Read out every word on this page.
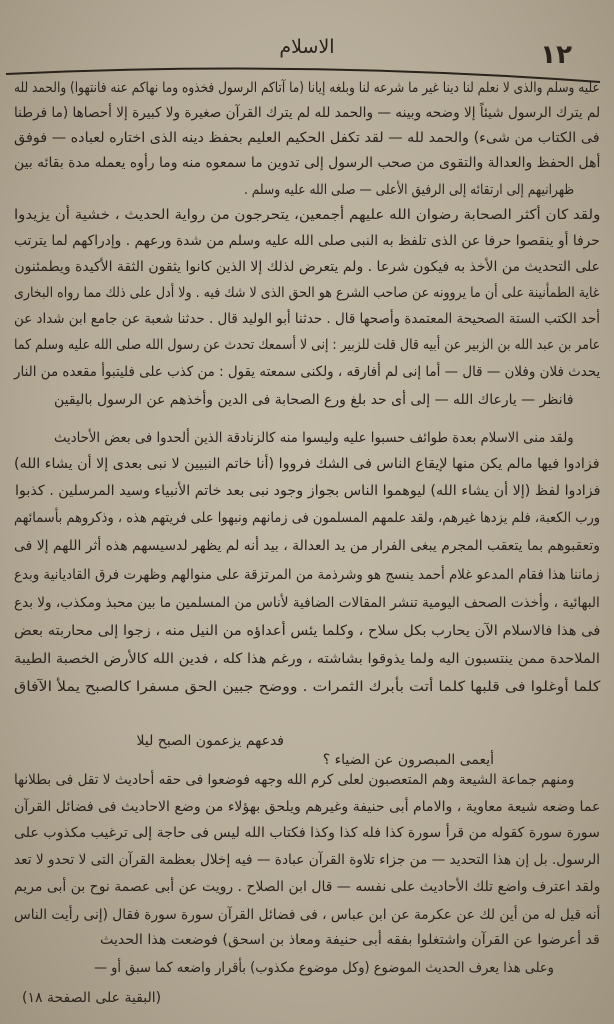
الاسلام	١٢
عليه وسلم والذى لا نعلم لنا دينا غير ما شرعه لنا وبلغه إيانا (ما آتاكم الرسول فخذوه وما نهاكم عنه فانتهوا) والحمد لله
لم يترك الرسول شيئاً إلا وضحه وبينه — والحمد لله لم يترك القرآن صغيرة ولا كبيرة إلا أحصاها (ما فرطنا
فى الكتاب من شىء) والحمد لله — لقد تكفل الحكيم العليم بحفظ دينه الذى اختاره لعباده — فوفق
أهل الحفظ والعدالة والتقوى من صحب الرسول إلى تدوين ما سمعوه منه وما رأوه يعمله مدة بقائه بين
ظهرانيهم إلى ارتقائه إلى الرفيق الأعلى — صلى الله عليه وسلم .
ولقد كان أكثر الصحابة رضوان الله عليهم أجمعين، يتحرجون من رواية الحديث ، خشية أن يزيدوا
حرفا أو ينقصوا حرفا عن الذى تلفظ به النبى صلى الله عليه وسلم من شدة ورعهم . وإدراكهم لما يترتب
على التحديث من الأخذ به فيكون شرعا . ولم يتعرض لذلك إلا الذين كانوا يثقون الثقة الأكيدة ويطمئنون
غاية الطمأنينة على أن ما يروونه عن صاحب الشرع هو الحق الذى لا شك فيه . ولا أدل على ذلك مما رواه البخارى
أحد الكتب الستة الصحيحة المعتمدة وأصحها قال . حدثنا أبو الوليد قال . حدثنا شعبة عن جامع ابن شداد عن
عامر بن عبد الله بن الزبير عن أبيه قال قلت للزبير : إنى لا أسمعك تحدث عن رسول الله صلى الله عليه وسلم كما
يحدث فلان وفلان — قال — أما إنى لم أفارقه ، ولكنى سمعته يقول : من كذب على فليتبوأ مقعده من النار
فانظر — يارعاك الله — إلى أى حد بلغ ورع الصحابة فى الدين وأخذهم عن الرسول باليقين
ولقد منى الاسلام بعدة طوائف حسبوا عليه وليسوا منه كالزنادقة الذين ألحدوا فى بعض الأحاديث
فزادوا فيها مالم يكن منها لإيقاع الناس فى الشك فرووا (أنا خاتم النبيين لا نبى بعدى إلا أن يشاء الله)
فزادوا لفظ (إلا أن يشاء الله) ليوهموا الناس بجواز وجود نبى بعد خاتم الأنبياء وسيد المرسلين . كذبوا
ورب الكعبة، فلم يزدها غيرهم، ولقد علمهم المسلمون فى زمانهم ونبهوا على فريتهم هذه ، وذكروهم بأسمائهم
وتعقبوهم بما يتعقب المجرم يبغى الفرار من يد العدالة ، بيد أنه لم يظهر لدسيسهم هذه أثر اللهم إلا فى
زماننا هذا فقام المدعو غلام أحمد ينسج هو وشرذمة من المرتزقة على منوالهم وظهرت فرق القاديانية وبدع
البهائية ، وأخذت الصحف اليومية تنشر المقالات الضافية لأناس من المسلمين ما بين محبذ ومكذب، ولا بدع
فى هذا فالاسلام الآن يحارب بكل سلاح ، وكلما يئس أعداؤه من النيل منه ، زجوا إلى محاربته بعض
الملاحدة ممن ينتسبون اليه ولما يذوقوا بشاشته ، ورغم هذا كله ، فدين الله كالأرض الخصبة الطيبة
كلما أوغلوا فى قلبها كلما أتت بأبرك الثمرات . ووضح جبين الحق مسفرا كالصبح يملأ الآفاق
ومنهم جماعة الشيعة وهم المتعصبون لعلى كرم الله وجهه فوضعوا فى حقه أحاديث لا تقل فى بطلانها
عما وضعه شيعة معاوية ، والامام أبى حنيفة وغيرهم ويلحق بهؤلاء من وضع الاحاديث فى فضائل القرآن
سورة سورة كقوله من قرأ سورة كذا فله كذا وكذا فكتاب الله ليس فى حاجة إلى ترغيب مكذوب على
الرسول. بل إن هذا التحديد — من جزاء تلاوة القرآن عبادة — فيه إخلال بعظمة القرآن التى لا تحدو لا تعد
ولقد اعترف واضع تلك الأحاديث على نفسه — قال ابن الصلاح . رويت عن أبى عصمة نوح بن أبى مريم
أنه قيل له من أين لك عن عكرمة عن ابن عباس ، فى فضائل القرآن سورة سورة فقال (إنى رأيت الناس
قد أعرضوا عن القرآن واشتغلوا بفقه أبى حنيفة ومعاذ بن اسحق) فوضعت هذا الحديث
وعلى هذا يعرف الحديث الموضوع (وكل موضوع مكذوب) بأقرار واضعه كما سبق أو —
فدعهم يزعمون الصبح ليلا
أيعمى المبصرون عن الضياء ؟
(البقية على الصفحة ١٨)
